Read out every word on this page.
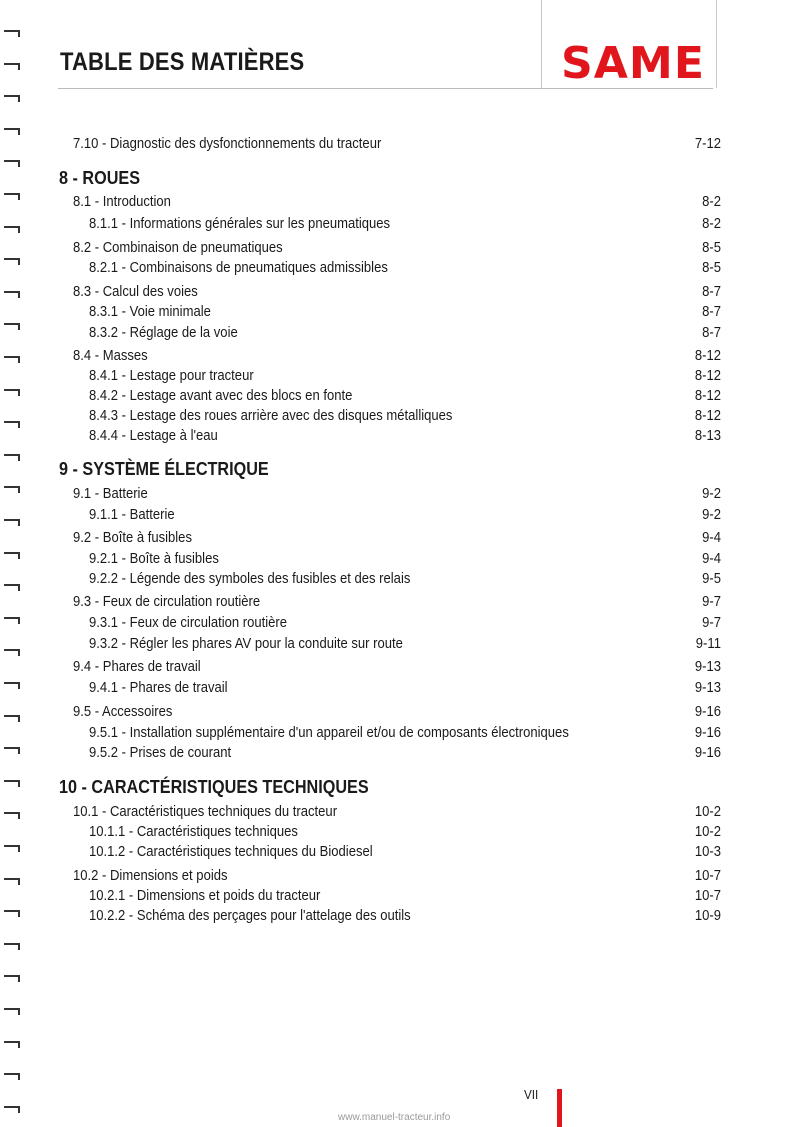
TABLE DES MATIÈRES	SAME
7.10 - Diagnostic des dysfonctionnements du tracteur	7-12
8 - ROUES
8.1 - Introduction	8-2
8.1.1 - Informations générales sur les pneumatiques	8-2
8.2 - Combinaison de pneumatiques	8-5
8.2.1 - Combinaisons de pneumatiques admissibles	8-5
8.3 - Calcul des voies	8-7
8.3.1 - Voie minimale	8-7
8.3.2 - Réglage de la voie	8-7
8.4 - Masses	8-12
8.4.1 - Lestage pour tracteur	8-12
8.4.2 - Lestage avant avec des blocs en fonte	8-12
8.4.3 - Lestage des roues arrière avec des disques métalliques	8-12
8.4.4 - Lestage à l'eau	8-13
9 - SYSTÈME ÉLECTRIQUE
9.1 - Batterie	9-2
9.1.1 - Batterie	9-2
9.2 - Boîte à fusibles	9-4
9.2.1 - Boîte à fusibles	9-4
9.2.2 - Légende des symboles des fusibles et des relais	9-5
9.3 - Feux de circulation routière	9-7
9.3.1 - Feux de circulation routière	9-7
9.3.2 - Régler les phares AV pour la conduite sur route	9-11
9.4 - Phares de travail	9-13
9.4.1 - Phares de travail	9-13
9.5 - Accessoires	9-16
9.5.1 - Installation supplémentaire d'un appareil et/ou de composants électroniques	9-16
9.5.2 - Prises de courant	9-16
10 - CARACTÉRISTIQUES TECHNIQUES
10.1 - Caractéristiques techniques du tracteur	10-2
10.1.1 - Caractéristiques techniques	10-2
10.1.2 - Caractéristiques techniques du Biodiesel	10-3
10.2 - Dimensions et poids	10-7
10.2.1 - Dimensions et poids du tracteur	10-7
10.2.2 - Schéma des perçages pour l'attelage des outils	10-9
VII
www.manuel-tracteur.info
